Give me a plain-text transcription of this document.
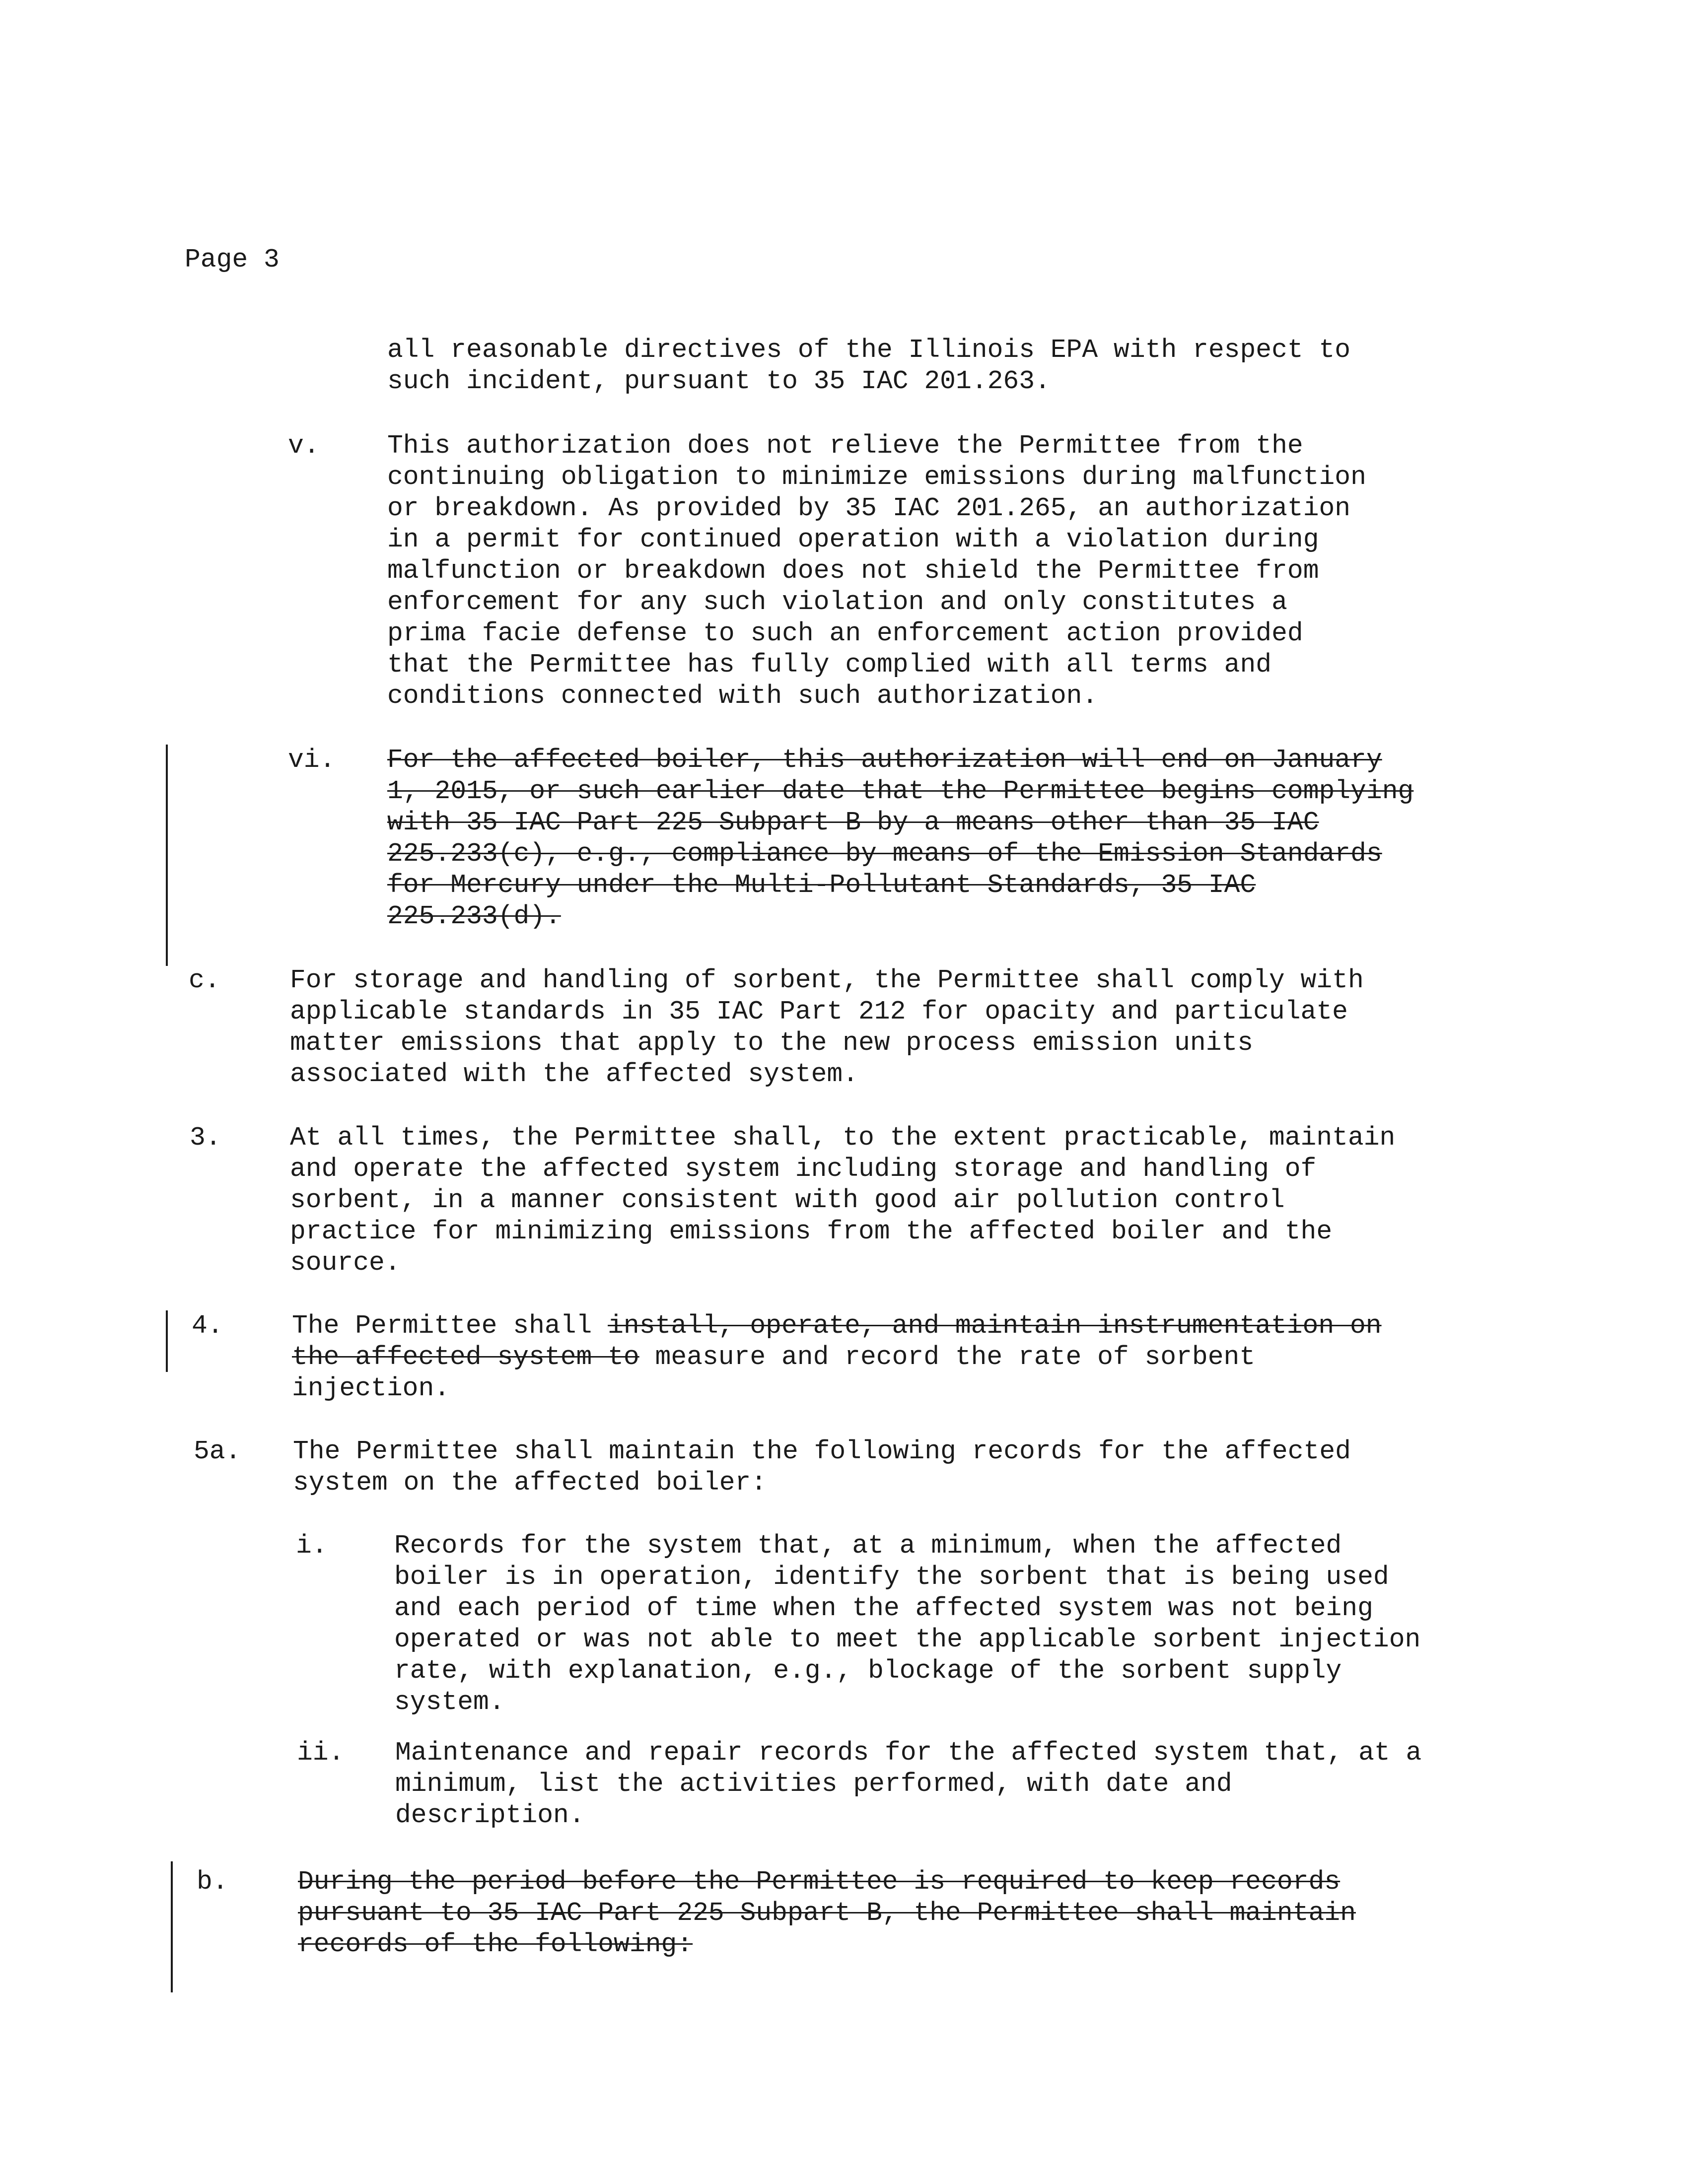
Page 3
all reasonable directives of the Illinois EPA with respect to
such incident, pursuant to 35 IAC 201.263.
v.	This authorization does not relieve the Permittee from the
continuing obligation to minimize emissions during malfunction
or breakdown. As provided by 35 IAC 201.265, an authorization
in a permit for continued operation with a violation during
malfunction or breakdown does not shield the Permittee from
enforcement for any such violation and only constitutes a
prima facie defense to such an enforcement action provided
that the Permittee has fully complied with all terms and
conditions connected with such authorization.
vi. For the affected boiler, this authorization will end on January
1, 2015, or such earlier date that the Permittee begins complying
with 35 IAC Part 225 Subpart B by a means other than 35 IAC
225.233(c), e.g., compliance by means of the Emission Standards
for Mercury under the Multi-Pollutant Standards, 35 IAC
225.233(d).
c.	For storage and handling of sorbent, the Permittee shall comply with
applicable standards in 35 IAC Part 212 for opacity and particulate
matter emissions that apply to the new process emission units
associated with the affected system.
3.	At all times, the Permittee shall, to the extent practicable, maintain
and operate the affected system including storage and handling of
sorbent, in a manner consistent with good air pollution control
practice for minimizing emissions from the affected boiler and the
source.
4.	The Permittee shall install, operate, and maintain instrumentation on
the affected system to measure and record the rate of sorbent
injection.
5a. The Permittee shall maintain the following records for the affected
system on the affected boiler:
i.	Records for the system that, at a minimum, when the affected
boiler is in operation, identify the sorbent that is being used
and each period of time when the affected system was not being
operated or was not able to meet the applicable sorbent injection
rate, with explanation, e.g., blockage of the sorbent supply
system.
ii. Maintenance and repair records for the affected system that, at a
minimum, list the activities performed, with date and
description.
b.	During the period before the Permittee is required to keep records
pursuant to 35 IAC Part 225 Subpart B, the Permittee shall maintain
records of the following:
